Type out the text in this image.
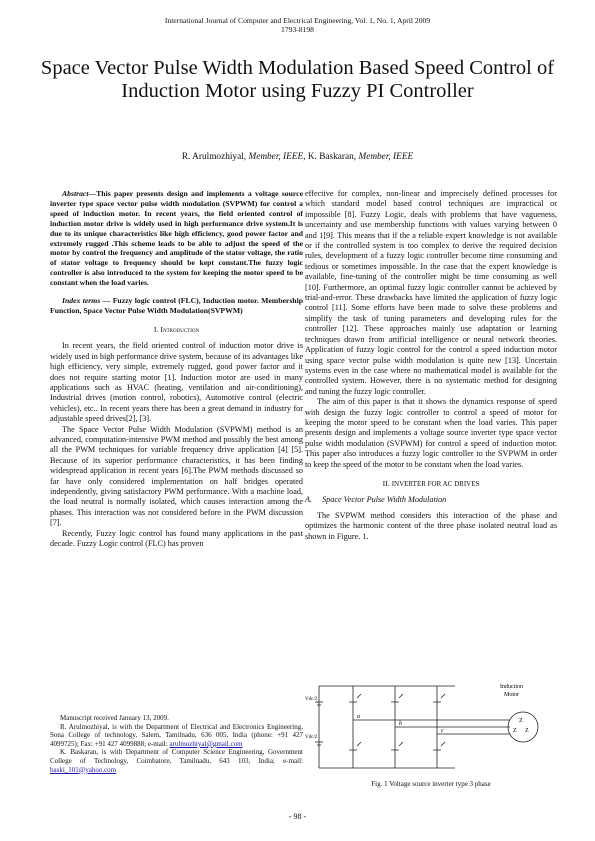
International Journal of Computer and Electrical Engineering, Vol. 1, No. 1, April 2009
1793-8198
Space Vector Pulse Width Modulation Based Speed Control of Induction Motor using Fuzzy PI Controller
R. Arulmozhiyal, Member, IEEE, K. Baskaran, Member, IEEE

Abstract—This paper presents design and implements a voltage source inverter type space vector pulse width modulation (SVPWM) for control a speed of induction motor. In recent years, the field oriented control of induction motor drive is widely used in high performance drive system.It is due to its unique characteristics like high efficiency, good power factor and extremely rugged .This scheme leads to be able to adjust the speed of the motor by control the frequency and amplitude of the stator voltage, the ratio of stator voltage to frequency should be kept constant.The fuzzy logic controller is also introduced to the system for keeping the motor speed to be constant when the load varies.

Index terms — Fuzzy logic control (FLC), Induction motor. Membership Function, Space Vector Pulse Width Modulation(SVPWM)

I. Introduction

In recent years, the field oriented control of induction motor drive is widely used in high performance drive system, because of its advantages like high efficiency, very simple, extremely rugged, good power factor and it does not require starting motor [1]. Induction motor are used in many applications such as HVAC (heating, ventilation and air-conditioning), Industrial drives (motion control, robotics), Automotive control (electric vehicles), etc.. In recent years there has been a great demand in industry for adjustable speed drives[2], [3].

The Space Vector Pulse Width Modulation (SVPWM) method is an advanced, computation-intensive PWM method and possibly the best among all the PWM techniques for variable frequency drive application [4] [5]. Because of its superior performance characteristics, it has been finding widespread application in recent years [6].The PWM methods discussed so far have only considered implementation on half bridges operated independently, giving satisfactory PWM performance. With a machine load, the load neutral is normally isolated, which causes interaction among the phases. This interaction was not considered before in the PWM discussion [7].

Recently, Fuzzy logic control has found many applications in the past decade. Fuzzy Logic control (FLC) has proven

Manuscript received January 13, 2009.

R. Arulmozhiyal, is with the Department of Electrical and Electronics Engineering, Sona College of technology, Salem, Tamilnadu, 636 005, India (phone: +91 427 4099725); Fax: +91 427 4099888; e-mail: arulmozhiyal@gmail.com

K. Baskaran, is with Department of Computer Science Engineering, Government College of Technology, Coimbatore, Tamilnadu, 643 103, India; e-mail: baski_101@yahoo.com

effective for complex, non-linear and imprecisely defined processes for which standard model based control techniques are impractical or impossible [8]. Fuzzy Logic, deals with problems that have vagueness, uncertainty and use membership functions with values varying between 0 and 1[9]. This means that if the a reliable expert knowledge is not available or if the controlled system is too complex to derive the required decision rules, development of a fuzzy logic controller become time consuming and tedious or sometimes impossible. In the case that the expert knowledge is available, fine-tuning of the controller might be time consuming as well [10]. Furthermore, an optimal fuzzy logic controller cannot be achieved by trial-and-error. These drawbacks have limited the application of fuzzy logic control [11]. Some efforts have been made to solve these problems and simplify the task of tuning parameters and developing rules for the controller [12]. These approaches mainly use adaptation or learning techniques drawn from artificial intelligence or neural network theories. Application of fuzzy logic control for the control a speed induction motor using space vector pulse width modulation is quite new [13]. Uncertain systems even in the case where no mathematical model is available for the controlled system. However, there is no systematic method for designing and tuning the fuzzy logic controller.

The aim of this paper is that it shows the dynamics response of speed with design the fuzzy logic controller to control a speed of motor for keeping the motor speed to be constant when the load varies. This paper presents design and implements a voltage source inverter type space vector pulse width modulation (SVPWM) for control a speed of induction motor. This paper also introduces a fuzzy logic controller to the SVPWM in order to keep the speed of the motor to be constant when the load varies.

II. INVERTER FOR AC DRIVES
A. Space Vector Pulse Width Modulation

The SVPWM method considers this interaction of the phase and optimizes the harmonic content of the three phase isolated neutral load as shown in Figure. 1.

Induction
Motor
Vdc/2
Vdc/2
a
b
c
Z
Z Z
Fig. 1 Voltage source inverter type 3 phase
- 98 -
